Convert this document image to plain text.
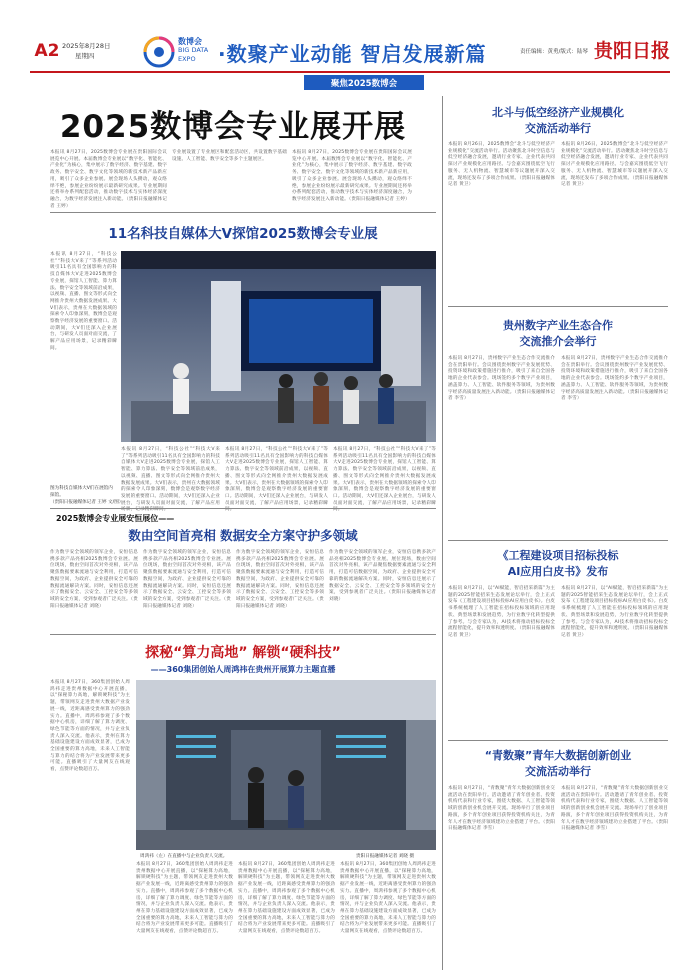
A2 2025年8月28日
星期四
数博会
BIG DATA
EXPO	·数聚产业动能 智启发展新篇
聚焦2025数博会
责任编辑：黄勇/版式：陆琴 贵阳日报
2025数博会专业展开展
本报讯 8月27日，2025数博会专业展在贵阳国际会议展览中心开展。本届数博会专业展以“数字化、智能化、产业化”为核心，集中展示了数字经济、数字基建、数字政务、数字安全、数字文化等领域的新技术新产品新应用，吸引了众多企业参展。展会现场人头攒动，观众络绎不绝，参展企业纷纷展示最新研究成果。专业展期间还将举办系列配套活动，推动数字技术与实体经济深度融合，为数字经济发展注入新动能。（贵阳日报融媒体记者 王婷）
专业展设置了专业展区和配套活动区，共设置数字基础设施、人工智能、数字安全等多个主题展区。
本报讯 8月27日，2025数博会专业展在贵阳国际会议展览中心开展。本届数博会专业展以“数字化、智能化、产业化”为核心，集中展示了数字经济、数字基建、数字政务、数字安全、数字文化等领域的新技术新产品新应用，吸引了众多企业参展。展会现场人头攒动，观众络绎不绝，参展企业纷纷展示最新研究成果。专业展期间还将举办系列配套活动，推动数字技术与实体经济深度融合，为数字经济发展注入新动能。（贵阳日报融媒体记者 王婷）
11名科技自媒体大V探馆2025数博会专业展
本报讯 8月27日，“科技公社”“科技大V来了”等系列活动吸引11名具有全国影响力的科技自媒体大V走进2025数博会专业展，探馆人工智能、算力算法、数字安全等领域前沿成果，以视频、直播、图文等形式向全网推介贵州大数据发展成果。大V们表示，贵州在大数据领域的探索令人印象深刻，数博会是观察数字经济发展的重要窗口。活动期间，大V们还深入企业展台，与研发人员面对面交流，了解产品应用场景，记录精彩瞬间。
图为科技自媒体大V们在展馆内探馆。
（贵阳日报融媒体记者 王婷 文/图）
本报讯 8月27日，“科技公社”“科技大V来了”等系列活动吸引11名具有全国影响力的科技自媒体大V走进2025数博会专业展，探馆人工智能、算力算法、数字安全等领域前沿成果，以视频、直播、图文等形式向全网推介贵州大数据发展成果。大V们表示，贵州在大数据领域的探索令人印象深刻，数博会是观察数字经济发展的重要窗口。活动期间，大V们还深入企业展台，与研发人员面对面交流，了解产品应用场景，记录精彩瞬间。
本报讯 8月27日，“科技公社”“科技大V来了”等系列活动吸引11名具有全国影响力的科技自媒体大V走进2025数博会专业展，探馆人工智能、算力算法、数字安全等领域前沿成果，以视频、直播、图文等形式向全网推介贵州大数据发展成果。大V们表示，贵州在大数据领域的探索令人印象深刻，数博会是观察数字经济发展的重要窗口。活动期间，大V们还深入企业展台，与研发人员面对面交流，了解产品应用场景，记录精彩瞬间。
本报讯 8月27日，“科技公社”“科技大V来了”等系列活动吸引11名具有全国影响力的科技自媒体大V走进2025数博会专业展，探馆人工智能、算力算法、数字安全等领域前沿成果，以视频、直播、图文等形式向全网推介贵州大数据发展成果。大V们表示，贵州在大数据领域的探索令人印象深刻，数博会是观察数字经济发展的重要窗口。活动期间，大V们还深入企业展台，与研发人员面对面交流，了解产品应用场景，记录精彩瞬间。
2025数博会专业展安恒展位——
数由空间首亮相 数据安全方案守护多领域
作为数字安全领域的领军企业，安恒信息携多款产品亮相2025数博会专业展。展位现场，数由空间首次对外亮相，该产品聚焦数据要素流通与安全利用，打造可信数据空间，为政府、企业提供安全可靠的数据流通解决方案。同时，安恒信息还展示了数据安全、云安全、工控安全等多领域的安全方案，受到参观者广泛关注。（贵阳日报融媒体记者 刘晓）
作为数字安全领域的领军企业，安恒信息携多款产品亮相2025数博会专业展。展位现场，数由空间首次对外亮相，该产品聚焦数据要素流通与安全利用，打造可信数据空间，为政府、企业提供安全可靠的数据流通解决方案。同时，安恒信息还展示了数据安全、云安全、工控安全等多领域的安全方案，受到参观者广泛关注。（贵阳日报融媒体记者 刘晓）
作为数字安全领域的领军企业，安恒信息携多款产品亮相2025数博会专业展。展位现场，数由空间首次对外亮相，该产品聚焦数据要素流通与安全利用，打造可信数据空间，为政府、企业提供安全可靠的数据流通解决方案。同时，安恒信息还展示了数据安全、云安全、工控安全等多领域的安全方案，受到参观者广泛关注。（贵阳日报融媒体记者 刘晓）
作为数字安全领域的领军企业，安恒信息携多款产品亮相2025数博会专业展。展位现场，数由空间首次对外亮相，该产品聚焦数据要素流通与安全利用，打造可信数据空间，为政府、企业提供安全可靠的数据流通解决方案。同时，安恒信息还展示了数据安全、云安全、工控安全等多领域的安全方案，受到参观者广泛关注。（贵阳日报融媒体记者 刘晓）
探秘“算力高地” 解锁“硬科技”
——360集团创始人周鸿祎在贵州开展算力主题直播
本报讯 8月27日，360集团创始人周鸿祎走进贵州数据中心开展直播，以“探秘算力高地，解锁硬科技”为主题，带领网友走进贵州大数据产业发展一线，近距离感受贵州算力的强劲实力。直播中，周鸿祎参观了多个数据中心机房，详细了解了算力调度、绿色节能等方面的情况，并与企业负责人深入交流。他表示，贵州在算力基础设施建设方面成效显著，已成为全国重要的算力高地，未来人工智能与算力的结合将为产业发展带来更多可能。直播吸引了大量网友在线观看，点赞评论数超百万。
周鸿祎（左）在直播中与企业负责人交流。	贵阳日报融媒体记者 刘晓 摄
本报讯 8月27日，360集团创始人周鸿祎走进贵州数据中心开展直播，以“探秘算力高地，解锁硬科技”为主题，带领网友走进贵州大数据产业发展一线，近距离感受贵州算力的强劲实力。直播中，周鸿祎参观了多个数据中心机房，详细了解了算力调度、绿色节能等方面的情况，并与企业负责人深入交流。他表示，贵州在算力基础设施建设方面成效显著，已成为全国重要的算力高地，未来人工智能与算力的结合将为产业发展带来更多可能。直播吸引了大量网友在线观看，点赞评论数超百万。
本报讯 8月27日，360集团创始人周鸿祎走进贵州数据中心开展直播，以“探秘算力高地，解锁硬科技”为主题，带领网友走进贵州大数据产业发展一线，近距离感受贵州算力的强劲实力。直播中，周鸿祎参观了多个数据中心机房，详细了解了算力调度、绿色节能等方面的情况，并与企业负责人深入交流。他表示，贵州在算力基础设施建设方面成效显著，已成为全国重要的算力高地，未来人工智能与算力的结合将为产业发展带来更多可能。直播吸引了大量网友在线观看，点赞评论数超百万。
本报讯 8月27日，360集团创始人周鸿祎走进贵州数据中心开展直播，以“探秘算力高地，解锁硬科技”为主题，带领网友走进贵州大数据产业发展一线，近距离感受贵州算力的强劲实力。直播中，周鸿祎参观了多个数据中心机房，详细了解了算力调度、绿色节能等方面的情况，并与企业负责人深入交流。他表示，贵州在算力基础设施建设方面成效显著，已成为全国重要的算力高地，未来人工智能与算力的结合将为产业发展带来更多可能。直播吸引了大量网友在线观看，点赞评论数超百万。
北斗与低空经济产业规模化
交流活动举行
本报讯 8月26日，2025数博会“北斗与低空经济产业规模化”交流活动举行。活动聚焦北斗时空信息与低空经济融合发展，邀请行业专家、企业代表共同探讨产业规模化应用路径。与会嘉宾围绕低空飞行服务、无人机物流、智慧城市等议题展开深入交流，现场还发布了多项合作成果。（贵阳日报融媒体记者 黄卫）
本报讯 8月26日，2025数博会“北斗与低空经济产业规模化”交流活动举行。活动聚焦北斗时空信息与低空经济融合发展，邀请行业专家、企业代表共同探讨产业规模化应用路径。与会嘉宾围绕低空飞行服务、无人机物流、智慧城市等议题展开深入交流，现场还发布了多项合作成果。（贵阳日报融媒体记者 黄卫）
贵州数字产业生态合作
交流推介会举行
本报讯 8月27日，贵州数字产业生态合作交流推介会在贵阳举行。会议围绕贵州数字产业发展优势、投资环境和政策措施进行推介，吸引了来自全国各地的企业代表参会。现场签约多个数字产业项目，涵盖算力、人工智能、软件服务等领域，为贵州数字经济高质量发展注入新动能。（贵阳日报融媒体记者 李雪）
本报讯 8月27日，贵州数字产业生态合作交流推介会在贵阳举行。会议围绕贵州数字产业发展优势、投资环境和政策措施进行推介，吸引了来自全国各地的企业代表参会。现场签约多个数字产业项目，涵盖算力、人工智能、软件服务等领域，为贵州数字经济高质量发展注入新动能。（贵阳日报融媒体记者 李雪）
《工程建设项目招标投标
AI应用白皮书》发布
本报讯 8月27日，以“AI赋能，智启招采新篇”为主题的2025智能招采生态发展论坛举行，会上正式发布《工程建设项目招标投标AI应用白皮书》。白皮书系统梳理了人工智能在招标投标领域的应用现状、典型场景和发展趋势，为行业数字化转型提供了参考。与会专家认为，AI技术将推动招标投标全流程智能化，提升效率和透明度。（贵阳日报融媒体记者 黄卫）
本报讯 8月27日，以“AI赋能，智启招采新篇”为主题的2025智能招采生态发展论坛举行，会上正式发布《工程建设项目招标投标AI应用白皮书》。白皮书系统梳理了人工智能在招标投标领域的应用现状、典型场景和发展趋势，为行业数字化转型提供了参考。与会专家认为，AI技术将推动招标投标全流程智能化，提升效率和透明度。（贵阳日报融媒体记者 黄卫）
“青数聚”青年大数据创新创业
交流活动举行
本报讯 8月27日，“青数聚”青年大数据创新创业交流活动在贵阳举行。活动邀请了青年创业者、投资机构代表和行业专家，围绕大数据、人工智能等领域的创新创业机会展开交流。现场举行了创业项目路演，多个青年创业项目获得投资机构关注，为青年人才在数字经济领域建功立业搭建了平台。（贵阳日报融媒体记者 李雪）
本报讯 8月27日，“青数聚”青年大数据创新创业交流活动在贵阳举行。活动邀请了青年创业者、投资机构代表和行业专家，围绕大数据、人工智能等领域的创新创业机会展开交流。现场举行了创业项目路演，多个青年创业项目获得投资机构关注，为青年人才在数字经济领域建功立业搭建了平台。（贵阳日报融媒体记者 李雪）
